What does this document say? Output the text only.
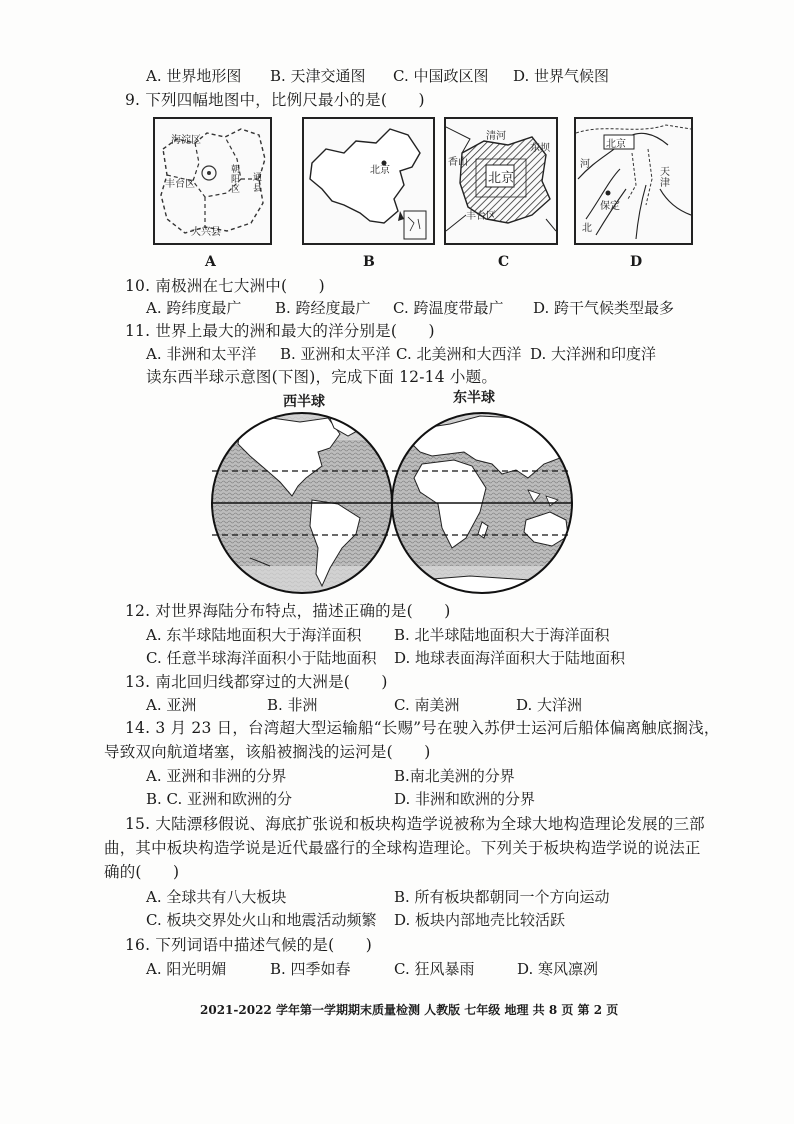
A. 世界地形图 B. 天津交通图 C. 中国政区图 D. 世界气候图
9. 下列四幅地图中，比例尺最小的是(　　)
海淀区
朝阳区
丰台区
通县
大兴县
北京
清河
东坝
香山
北京
丰台区
北京
河
天津
保定
北
A	B	C	D
10. 南极洲在七大洲中(　　)
A. 跨纬度最广 B. 跨经度最广 C. 跨温度带最广 D. 跨干气候类型最多
11. 世界上最大的洲和最大的洋分别是(　　)
A. 非洲和太平洋 B. 亚洲和太平洋 C. 北美洲和大西洋 D. 大洋洲和印度洋
读东西半球示意图(下图)，完成下面 12-14 小题。
西半球	东半球
12. 对世界海陆分布特点，描述正确的是(　　)
A. 东半球陆地面积大于海洋面积 B. 北半球陆地面积大于海洋面积
C. 任意半球海洋面积小于陆地面积 D. 地球表面海洋面积大于陆地面积
13. 南北回归线都穿过的大洲是(　　)
A. 亚洲	B. 非洲	C. 南美洲	D. 大洋洲
14. 3 月 23 日，台湾超大型运输船“长赐”号在驶入苏伊士运河后船体偏离触底搁浅，
导致双向航道堵塞，该船被搁浅的运河是(　　)
A. 亚洲和非洲的分界	B.南北美洲的分界
B. C. 亚洲和欧洲的分	D. 非洲和欧洲的分界
15. 大陆漂移假说、海底扩张说和板块构造学说被称为全球大地构造理论发展的三部
曲，其中板块构造学说是近代最盛行的全球构造理论。下列关于板块构造学说的说法正
确的(　　)
A. 全球共有八大板块	B. 所有板块都朝同一个方向运动
C. 板块交界处火山和地震活动频繁 D. 板块内部地壳比较活跃
16. 下列词语中描述气候的是(　　)
A. 阳光明媚	B. 四季如春	C. 狂风暴雨	D. 寒风凛冽
2021-2022 学年第一学期期末质量检测 人教版 七年级 地理 共 8 页 第 2 页
